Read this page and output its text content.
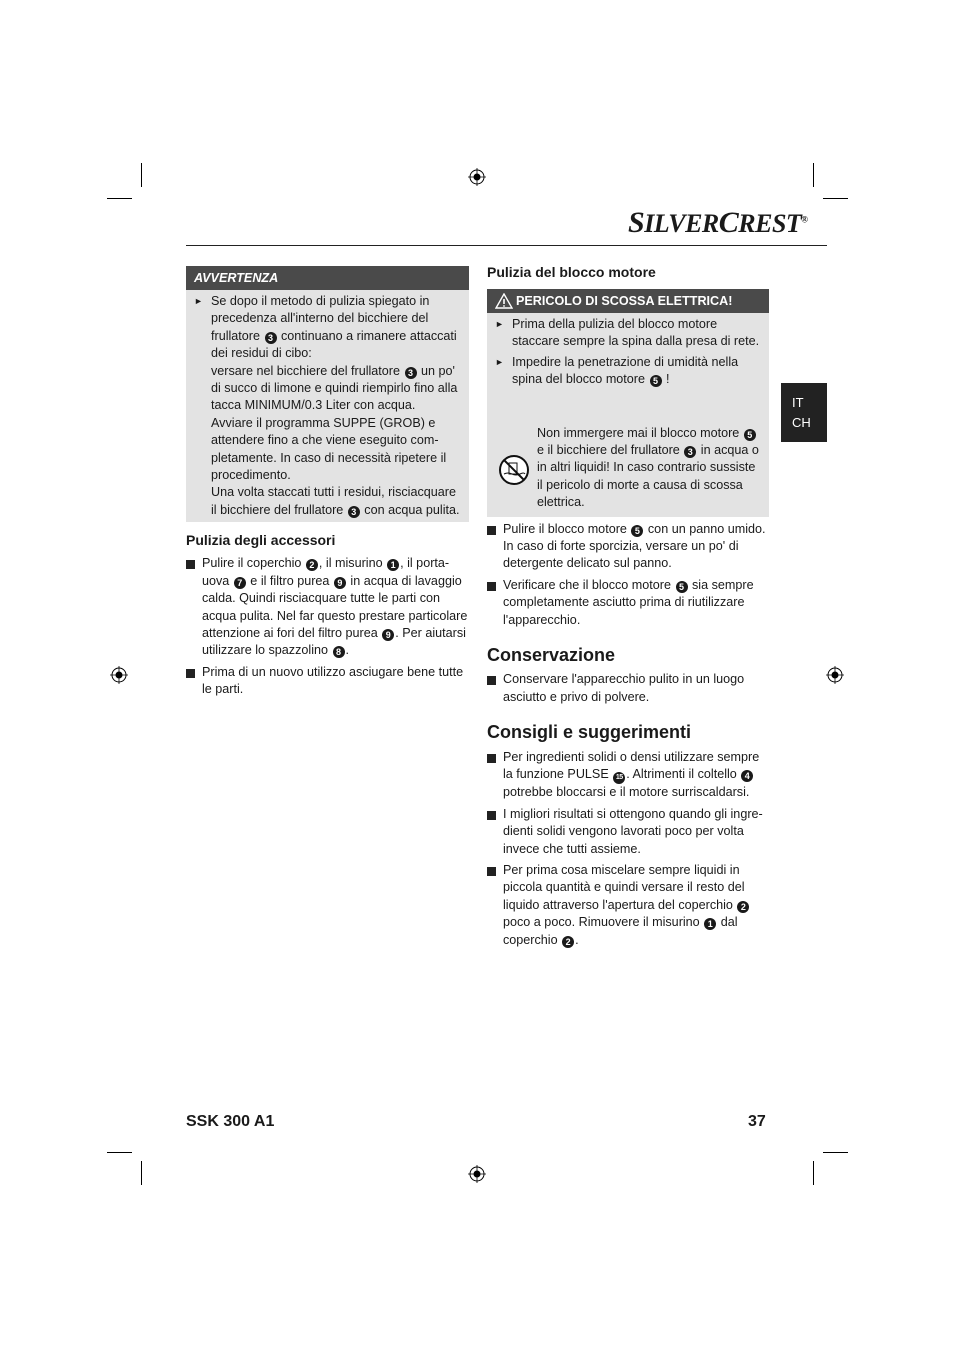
SILVERCREST®
IT
CH
AVVERTENZA
► Se dopo il metodo di pulizia spiegato in precedenza all'interno del bicchiere del frullatore 3 continuano a rimanere attaccati dei residui di cibo:
versare nel bicchiere del frullatore 3 un po' di succo di limone e quindi riempirlo fino alla tacca MINIMUM/0.3 Liter con acqua.
Avviare il programma SUPPE (GROB) e attendere fino a che viene eseguito com-pletamente. In caso di necessità ripetere il procedimento.
Una volta staccati tutti i residui, risciacquare il bicchiere del frullatore 3 con acqua pulita.
Pulizia degli accessori
Pulire il coperchio 2 , il misurino 1 , il porta-uova 7 e il filtro purea 9 in acqua di lavaggio calda. Quindi risciacquare tutte le parti con acqua pulita. Nel far questo prestare particolare attenzione ai fori del filtro purea 9 . Per aiutarsi utilizzare lo spazzolino 8 .
Prima di un nuovo utilizzo asciugare bene tutte le parti.
Pulizia del blocco motore
PERICOLO DI SCOSSA ELETTRICA!
► Prima della pulizia del blocco motore staccare sempre la spina dalla presa di rete.
► Impedire la penetrazione di umidità nella spina del blocco motore 5 !
Non immergere mai il blocco motore 5 e il bicchiere del frullatore 3 in acqua o in altri liquidi! In caso contrario sussiste il pericolo di morte a causa di scossa elettrica.
Pulire il blocco motore 5 con un panno umido. In caso di forte sporcizia, versare un po' di detergente delicato sul panno.
Verificare che il blocco motore 5 sia sempre completamente asciutto prima di riutilizzare l'apparecchio.
Conservazione
Conservare l'apparecchio pulito in un luogo asciutto e privo di polvere.
Consigli e suggerimenti
Per ingredienti solidi o densi utilizzare sempre la funzione PULSE 15 . Altrimenti il coltello 4 potrebbe bloccarsi e il motore surriscaldarsi.
I migliori risultati si ottengono quando gli ingre-dienti solidi vengono lavorati poco per volta invece che tutti assieme.
Per prima cosa miscelare sempre liquidi in piccola quantità e quindi versare il resto del liquido attraverso l'apertura del coperchio 2 poco a poco. Rimuovere il misurino 1 dal coperchio 2 .
SSK 300 A1	37
